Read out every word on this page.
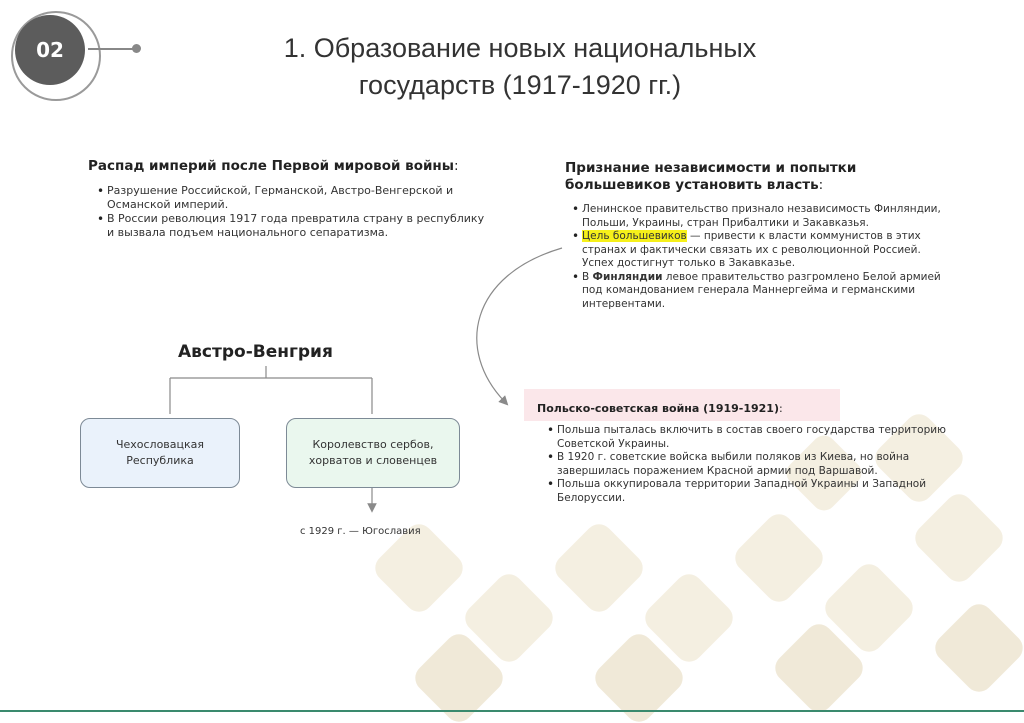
02	1. Образование новых национальных
государств (1917-1920 гг.)
Распад империй после Первой мировой войны:
• Разрушение Российской, Германской, Австро-Венгерской и Османской империй.
• В России революция 1917 года превратила страну в республику и вызвала подъем национального сепаратизма.
Признание независимости и попытки
большевиков установить власть:
• Ленинское правительство признало независимость Финляндии, Польши, Украины, стран Прибалтики и Закавказья.
• Цель большевиков — привести к власти коммунистов в этих странах и фактически связать их с революционной Россией. Успех достигнут только в Закавказье.
• В Финляндии левое правительство разгромлено Белой армией под командованием генерала Маннергейма и германскими интервентами.
Австро-Венгрия
Чехословацкая Республика
Королевство сербов, хорватов и словенцев
с 1929 г. — Югославия
Польско-советская война (1919-1921):
• Польша пыталась включить в состав своего государства территорию Советской Украины.
• В 1920 г. советские войска выбили поляков из Киева, но война завершилась поражением Красной армии под Варшавой.
• Польша оккупировала территории Западной Украины и Западной Белоруссии.
